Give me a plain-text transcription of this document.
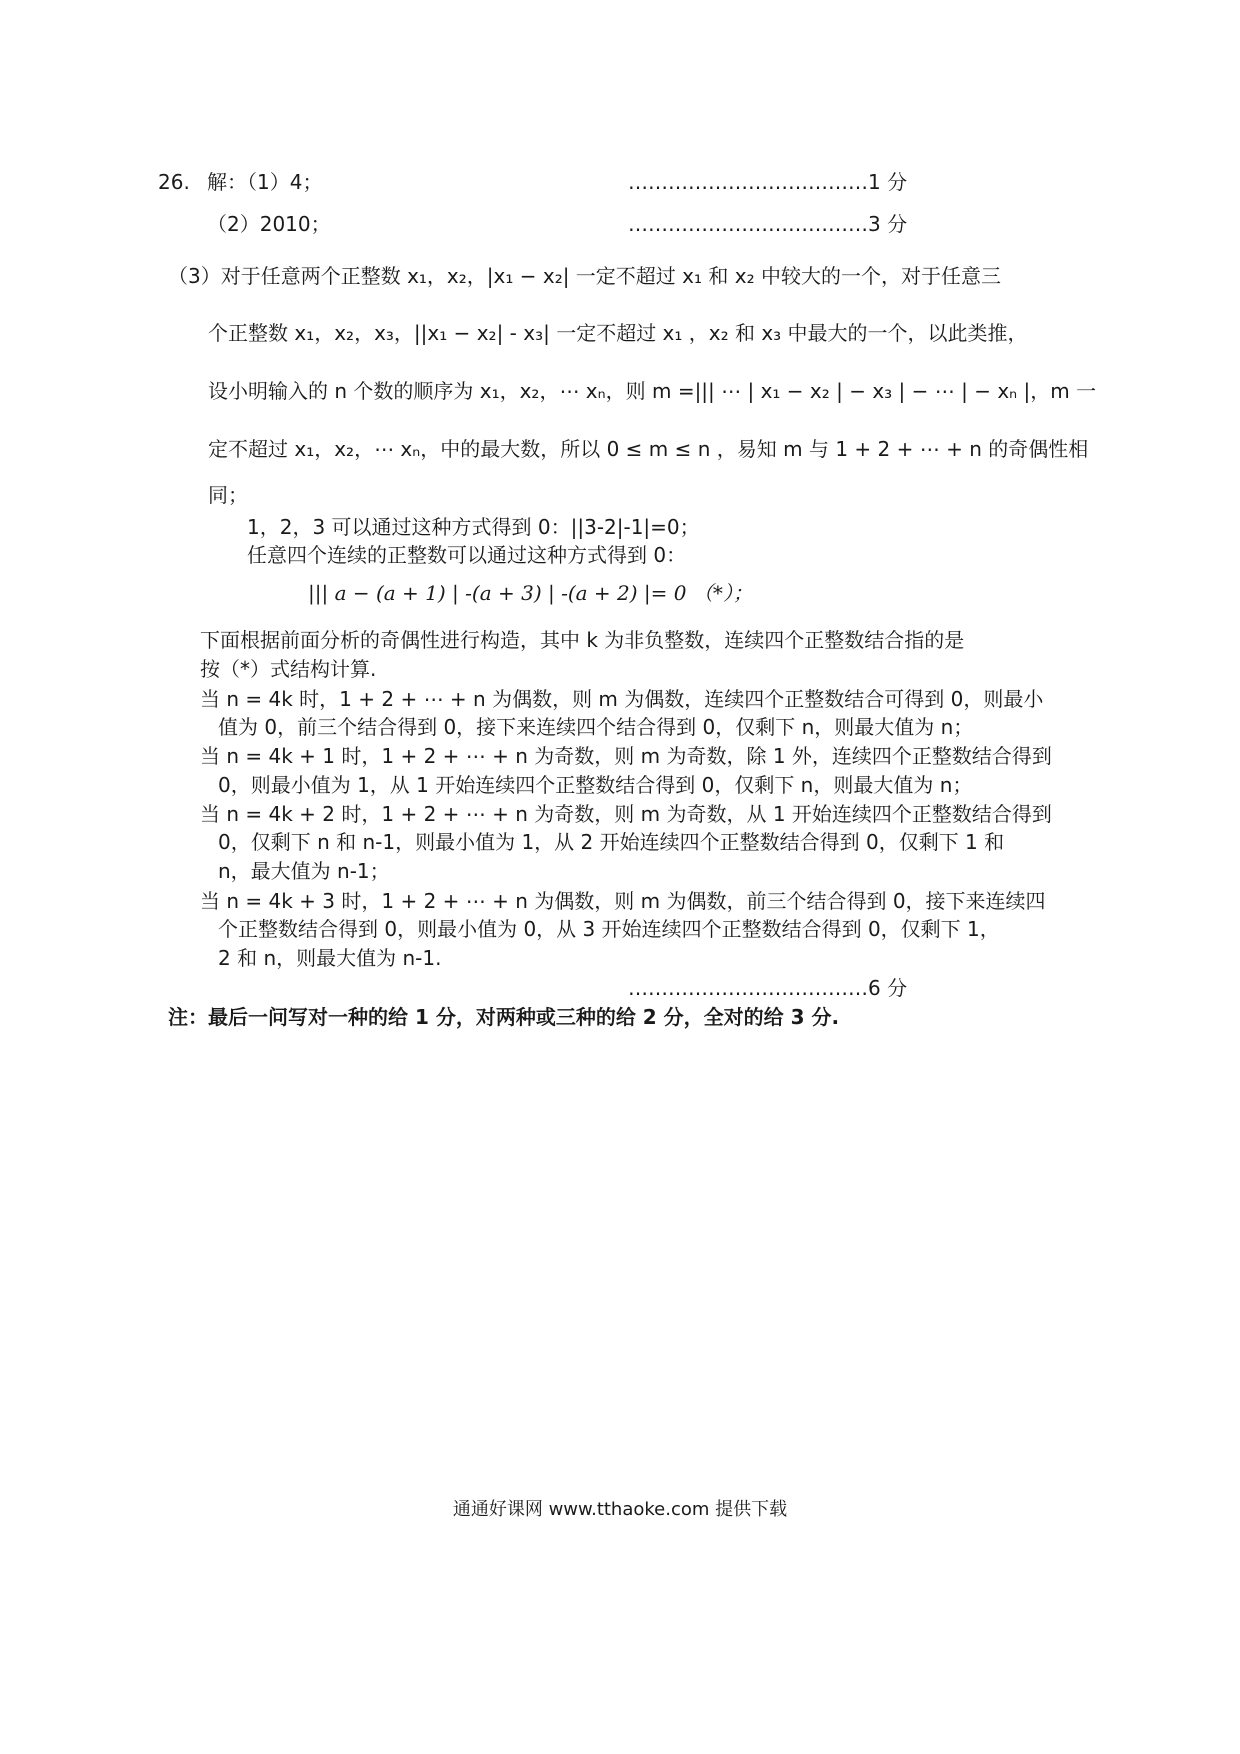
26. 解：（1）4；	………………………………1 分
（2）2010；	………………………………3 分
（3）对于任意两个正整数 x₁，x₂，|x₁ − x₂| 一定不超过 x₁ 和 x₂ 中较大的一个，对于任意三
个正整数 x₁，x₂，x₃，||x₁ − x₂| - x₃| 一定不超过 x₁ ，x₂ 和 x₃ 中最大的一个，以此类推，
设小明输入的 n 个数的顺序为 x₁，x₂，⋯ xₙ，则 m =||| ⋯ | x₁ − x₂ | − x₃ | − ⋯ | − xₙ |，m 一
定不超过 x₁，x₂，⋯ xₙ，中的最大数，所以 0 ≤ m ≤ n ，易知 m 与 1 + 2 + ⋯ + n 的奇偶性相
同；
1，2，3 可以通过这种方式得到 0：||3-2|-1|=0；
任意四个连续的正整数可以通过这种方式得到 0：
||| a − (a + 1) | -(a + 3) | -(a + 2) |= 0 （*）；
下面根据前面分析的奇偶性进行构造，其中 k 为非负整数，连续四个正整数结合指的是
按（*）式结构计算.
当 n = 4k 时，1 + 2 + ⋯ + n 为偶数，则 m 为偶数，连续四个正整数结合可得到 0，则最小
值为 0，前三个结合得到 0，接下来连续四个结合得到 0，仅剩下 n，则最大值为 n；
当 n = 4k + 1 时，1 + 2 + ⋯ + n 为奇数，则 m 为奇数，除 1 外，连续四个正整数结合得到
0，则最小值为 1，从 1 开始连续四个正整数结合得到 0，仅剩下 n，则最大值为 n；
当 n = 4k + 2 时，1 + 2 + ⋯ + n 为奇数，则 m 为奇数，从 1 开始连续四个正整数结合得到
0，仅剩下 n 和 n-1，则最小值为 1，从 2 开始连续四个正整数结合得到 0，仅剩下 1 和
n，最大值为 n-1；
当 n = 4k + 3 时，1 + 2 + ⋯ + n 为偶数，则 m 为偶数，前三个结合得到 0，接下来连续四
个正整数结合得到 0，则最小值为 0，从 3 开始连续四个正整数结合得到 0，仅剩下 1，
2 和 n，则最大值为 n-1.
………………………………6 分
注：最后一问写对一种的给 1 分，对两种或三种的给 2 分，全对的给 3 分.
通通好课网 www.tthaoke.com 提供下载
